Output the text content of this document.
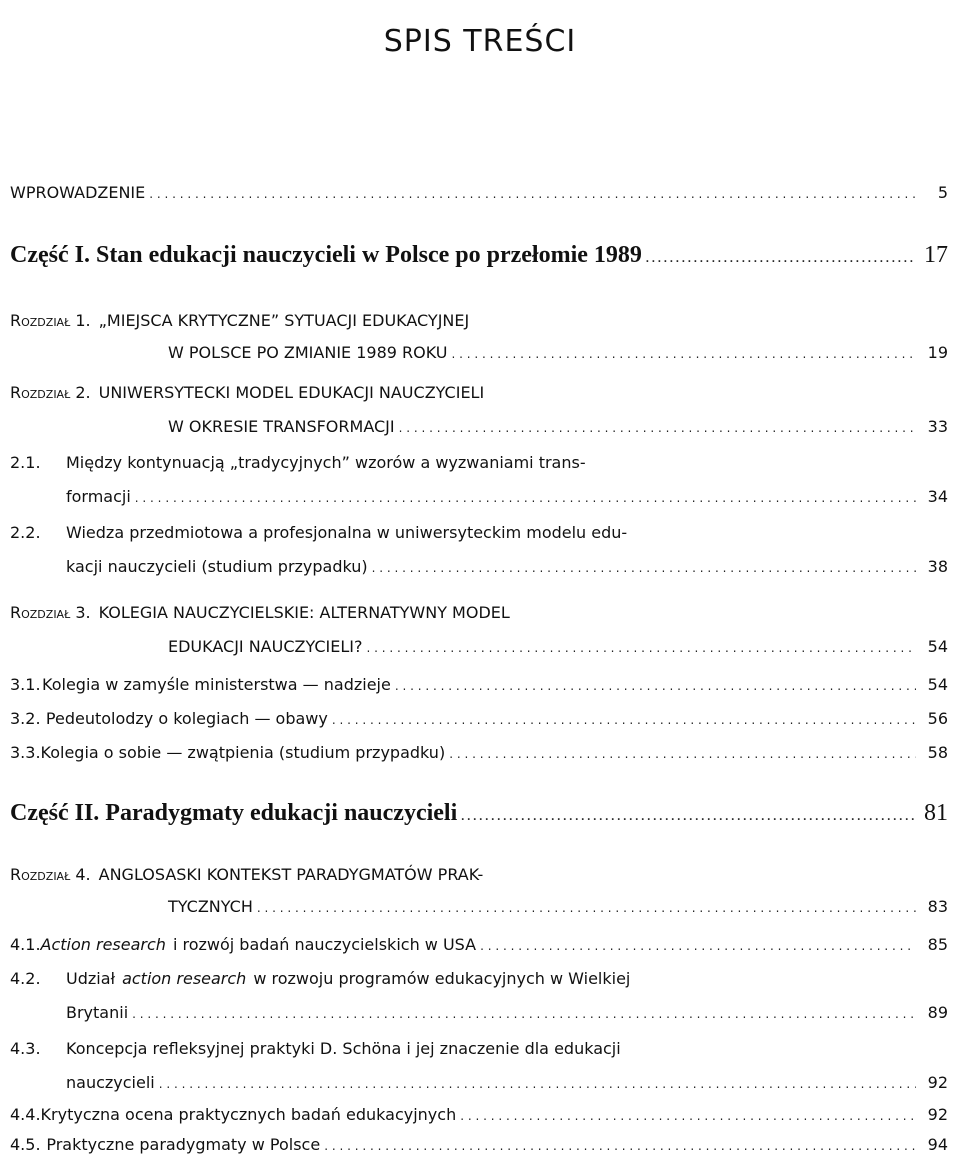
SPIS TREŚCI
WPROWADZENIE . . .	5
Część I. Stan edukacji nauczycieli w Polsce po przełomie 1989 . . .	17
Rozdział 1. „MIEJSCA KRYTYCZNE” SYTUACJI EDUKACYJNEJ
W POLSCE PO ZMIANIE 1989 ROKU . . .	19
Rozdział 2. UNIWERSYTECKI MODEL EDUKACJI NAUCZYCIELI
W OKRESIE TRANSFORMACJI . . .	33
2.1.	Między kontynuacją „tradycyjnych” wzorów a wyzwaniami trans-
formacji . . .	34
2.2.	Wiedza przedmiotowa a profesjonalna w uniwersyteckim modelu edu-
kacji nauczycieli (studium przypadku) . . .	38
Rozdział 3. KOLEGIA NAUCZYCIELSKIE: ALTERNATYWNY MODEL
EDUKACJI NAUCZYCIELI? . . .	54
3.1. Kolegia w zamyśle ministerstwa — nadzieje . . .	54
3.2. Pedeutolodzy o kolegiach — obawy . . .	56
3.3. Kolegia o sobie — zwątpienia (studium przypadku) . . .	58
Część II. Paradygmaty edukacji nauczycieli . . .	81
Rozdział 4. ANGLOSASKI KONTEKST PARADYGMATÓW PRAK-
TYCZNYCH . . .	83
4.1. Action research i rozwój badań nauczycielskich w USA . . .	85
4.2.	Udział action research w rozwoju programów edukacyjnych w Wielkiej
Brytanii . . .	89
4.3.	Koncepcja refleksyjnej praktyki D. Schöna i jej znaczenie dla edukacji
nauczycieli . . .	92
4.4. Krytyczna ocena praktycznych badań edukacyjnych . . .	92
4.5. Praktyczne paradygmaty w Polsce . . .	94
